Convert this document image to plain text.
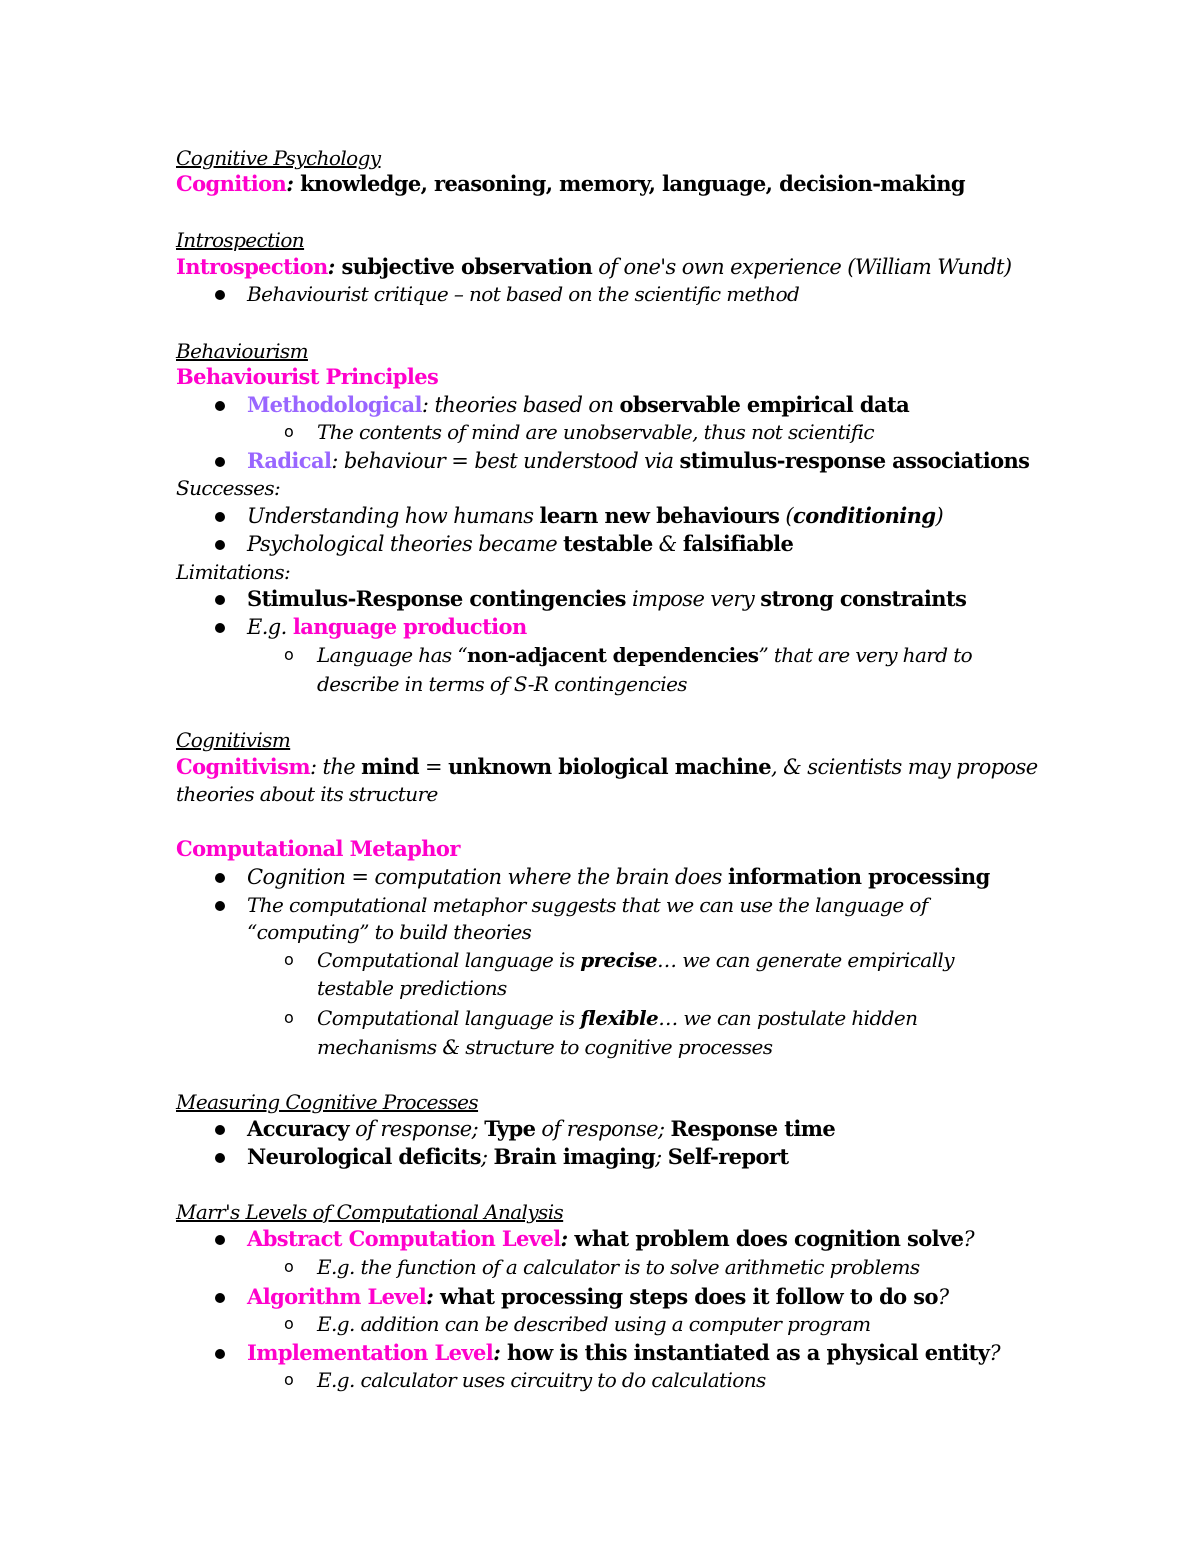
Cognitive Psychology
Cognition: knowledge, reasoning, memory, language, decision-making
Introspection
Introspection: subjective observation of one's own experience (William Wundt)
Behaviourist critique – not based on the scientific method
Behaviourism
Behaviourist Principles
Methodological: theories based on observable empirical data
o The contents of mind are unobservable, thus not scientific
Radical: behaviour = best understood via stimulus-response associations
Successes:
Understanding how humans learn new behaviours (conditioning)
Psychological theories became testable & falsifiable
Limitations:
Stimulus-Response contingencies impose very strong constraints
E.g. language production
o Language has “non-adjacent dependencies” that are very hard to
describe in terms of S-R contingencies
Cognitivism
Cognitivism: the mind = unknown biological machine, & scientists may propose
theories about its structure
Computational Metaphor
Cognition = computation where the brain does information processing
The computational metaphor suggests that we can use the language of
“computing” to build theories
o Computational language is precise… we can generate empirically
testable predictions
o Computational language is flexible… we can postulate hidden
mechanisms & structure to cognitive processes
Measuring Cognitive Processes
Accuracy of response; Type of response; Response time
Neurological deficits; Brain imaging; Self-report
Marr's Levels of Computational Analysis
Abstract Computation Level: what problem does cognition solve?
o E.g. the function of a calculator is to solve arithmetic problems
Algorithm Level: what processing steps does it follow to do so?
o E.g. addition can be described using a computer program
Implementation Level: how is this instantiated as a physical entity?
o E.g. calculator uses circuitry to do calculations
